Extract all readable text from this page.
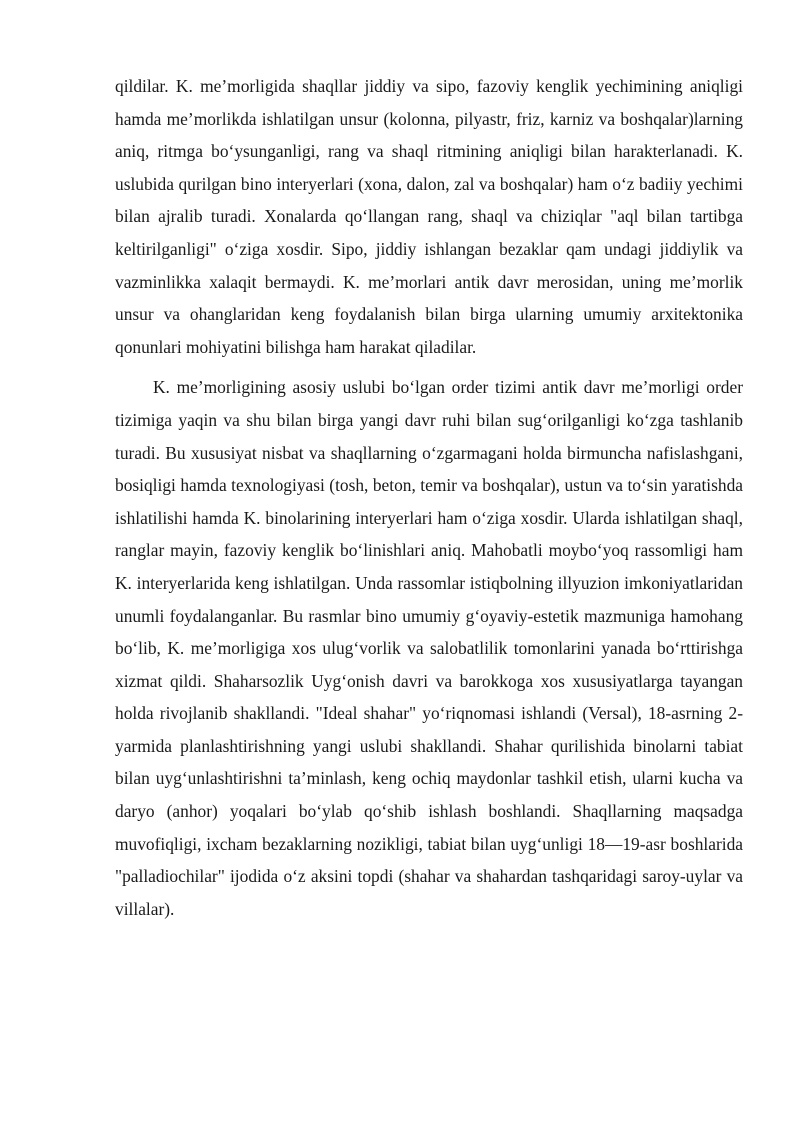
qildilar. K. me’morligida shaqllar jiddiy va sipo, fazoviy kenglik yechimining aniqligi hamda me’morlikda ishlatilgan unsur (kolonna, pilyastr, friz, karniz va boshqalar)larning aniq, ritmga bo‘ysunganligi, rang va shaql ritmining aniqligi bilan harakterlanadi. K. uslubida qurilgan bino interyerlari (xona, dalon, zal va boshqalar) ham o‘z badiiy yechimi bilan ajralib turadi. Xonalarda qo‘llangan rang, shaql va chiziqlar "aql bilan tartibga keltirilganligi" o‘ziga xosdir. Sipo, jiddiy ishlangan bezaklar qam undagi jiddiylik va vazminlikka xalaqit bermaydi. K. me’morlari antik davr merosidan, uning me’morlik unsur va ohanglaridan keng foydalanish bilan birga ularning umumiy arxitektonika qonunlari mohiyatini bilishga ham harakat qiladilar.

K. me’morligining asosiy uslubi bo‘lgan order tizimi antik davr me’morligi order tizimiga yaqin va shu bilan birga yangi davr ruhi bilan sug‘orilganligi ko‘zga tashlanib turadi. Bu xususiyat nisbat va shaqllarning o‘zgarmagani holda birmuncha nafislashgani, bosiqligi hamda texnologiyasi (tosh, beton, temir va boshqalar), ustun va to‘sin yaratishda ishlatilishi hamda K. binolarining interyerlari ham o‘ziga xosdir. Ularda ishlatilgan shaql, ranglar mayin, fazoviy kenglik bo‘linishlari aniq. Mahobatli moybo‘yoq rassomligi ham K. interyerlarida keng ishlatilgan. Unda rassomlar istiqbolning illyuzion imkoniyatlaridan unumli foydalanganlar. Bu rasmlar bino umumiy g‘oyaviy-estetik mazmuniga hamohang bo‘lib, K. me’morligiga xos ulug‘vorlik va salobatlilik tomonlarini yanada bo‘rttirishga xizmat qildi. Shaharsozlik Uyg‘onish davri va barokkoga xos xususiyatlarga tayangan holda rivojlanib shakllandi. "Ideal shahar" yo‘riqnomasi ishlandi (Versal), 18-asrning 2-yarmida planlashtirishning yangi uslubi shakllandi. Shahar qurilishida binolarni tabiat bilan uyg‘unlashtirishni ta’minlash, keng ochiq maydonlar tashkil etish, ularni kucha va daryo (anhor) yoqalari bo‘ylab qo‘shib ishlash boshlandi. Shaqllarning maqsadga muvofiqligi, ixcham bezaklarning nozikligi, tabiat bilan uyg‘unligi 18—19-asr boshlarida "palladiochilar" ijodida o‘z aksini topdi (shahar va shahardan tashqaridagi saroy-uylar va villalar).
